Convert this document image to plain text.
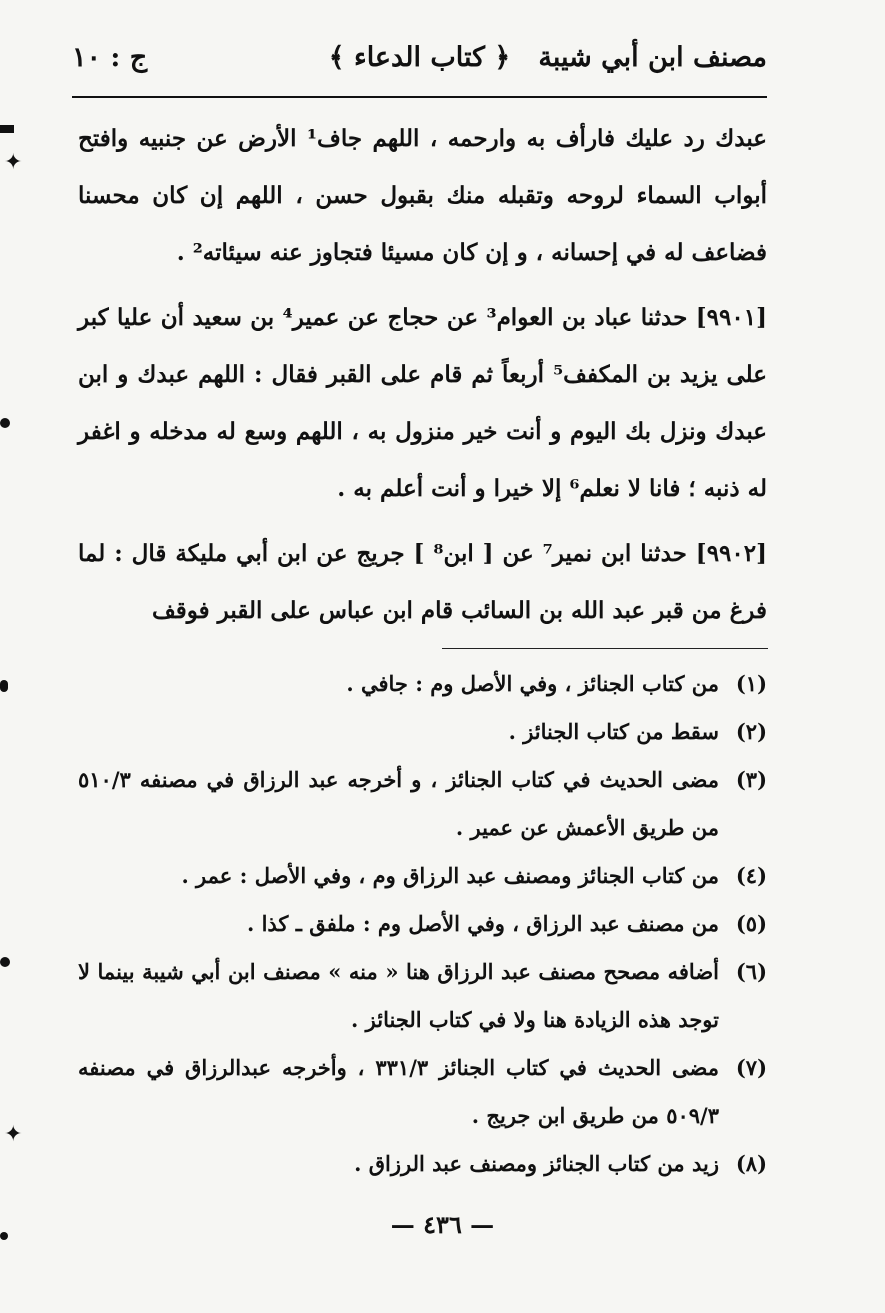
مصنف ابن أبي شيبة
﴿ كتاب الدعاء ﴾
ج : ١٠

عبدك رد عليك فارأف به وارحمه ، اللهم جاف¹ الأرض عن جنبيه وافتح أبواب السماء لروحه وتقبله منك بقبول حسن ، اللهم إن كان محسنا فضاعف له في إحسانه ، و إن كان مسيئا فتجاوز عنه سيئاته² .

[٩٩٠١] حدثنا عباد بن العوام³ عن حجاج عن عمير⁴ بن سعيد أن عليا كبر على يزيد بن المكفف⁵ أربعاً ثم قام على القبر فقال : اللهم عبدك و ابن عبدك ونزل بك اليوم و أنت خير منزول به ، اللهم وسع له مدخله و اغفر له ذنبه ؛ فانا لا نعلم⁶ إلا خيرا و أنت أعلم به .

[٩٩٠٢] حدثنا ابن نمير⁷ عن [ ابن⁸ ] جريج عن ابن أبي مليكة قال : لما فرغ من قبر عبد الله بن السائب قام ابن عباس على القبر فوقف

(١)
من كتاب الجنائز ، وفي الأصل وم : جافي .
(٢)
سقط من كتاب الجنائز .
(٣)
مضى الحديث في كتاب الجنائز ، و أخرجه عبد الرزاق في مصنفه ٥١٠/٣ من طريق الأعمش عن عمير .
(٤)
من كتاب الجنائز ومصنف عبد الرزاق وم ، وفي الأصل : عمر .
(٥)
من مصنف عبد الرزاق ، وفي الأصل وم : ملفق ـ كذا .
(٦)
أضافه مصحح مصنف عبد الرزاق هنا « منه » مصنف ابن أبي شيبة بينما لا توجد هذه الزيادة هنا ولا في كتاب الجنائز .
(٧)
مضى الحديث في كتاب الجنائز ٣٣١/٣ ، وأخرجه عبدالرزاق في مصنفه ٥٠٩/٣ من طريق ابن جريج .
(٨)
زيد من كتاب الجنائز ومصنف عبد الرزاق .
— ٤٣٦ —
✦
✦
